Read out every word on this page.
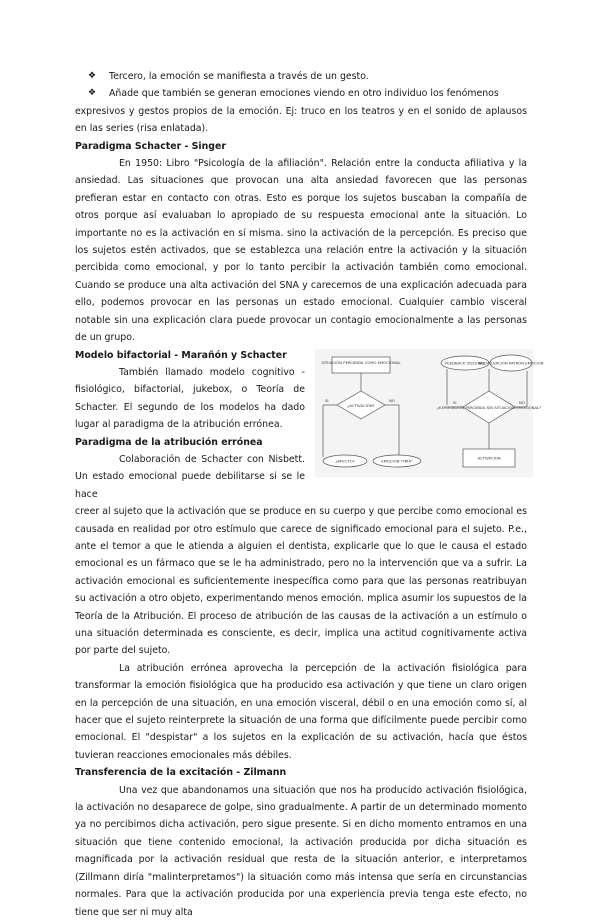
❖	Tercero, la emoción se manifiesta a través de un gesto.
❖	Añade que también se generan emociones viendo en otro individuo los fenómenos
expresivos y gestos propios de la emoción. Ej: truco en los teatros y en el sonido de aplausos en las series (risa enlatada).
Paradigma Schacter - Singer

En 1950: Libro "Psicología de la afiliación". Relación entre la conducta afiliativa y la ansiedad. Las situaciones que provocan una alta ansiedad favorecen que las personas prefieran estar en contacto con otras. Esto es porque los sujetos buscaban la compañía de otros porque así evaluaban lo apropiado de su respuesta emocional ante la situación. Lo importante no es la activación en sí misma. sino la activación de la percepción. Es preciso que los sujetos estén activados, que se establezca una relación entre la activación y la situación percibida como emocional, y por lo tanto percibir la activación también como emocional. Cuando se produce una alta activación del SNA y carecemos de una explicación adecuada para ello, podemos provocar en las personas un estado emocional. Cualquier cambio visceral notable sin una explicación clara puede provocar un contagio emocionalmente a las personas de un grupo.

Modelo bifactorial - Marañón y Schacter

También llamado modelo cognitivo - fisiológico, bifactorial, jukebox, o Teoría de Schacter. El segundo de los modelos ha dado lugar al paradigma de la atribución errónea.

Paradigma de la atribución errónea

Colaboración de Schacter con Nisbett. Un estado emocional puede debilitarse si se le hace

SITUACIÓN PERCIBIDA COMO EMOCIONAL
¿ACTIVACIÓN?
SI	NO
¿AFECTO?	EMOCIÓN "FRÍA"
FEEDBACK VISCERAL
REEVALUACIÓN PATRÓN EMOCIÓN
¿EXPLICACIÓN PERCIBIDA SIN SITUACIÓN EMOCIONAL?
SI	NO
ACTIVACIÓN

creer al sujeto que la activación que se produce en su cuerpo y que percibe como emocional es causada en realidad por otro estímulo que carece de significado emocional para el sujeto. P.e., ante el temor a que le atienda a alguien el dentista, explicarle que lo que le causa el estado emocional es un fármaco que se le ha administrado, pero no la intervención que va a sufrir. La activación emocional es suficientemente inespecífica como para que las personas reatribuyan su activación a otro objeto, experimentando menos emoción. mplica asumir los supuestos de la Teoría de la Atribución. El proceso de atribución de las causas de la activación a un estímulo o una situación determinada es consciente, es decir, implica una actitud cognitivamente activa por parte del sujeto.

La atribución errónea aprovecha la percepción de la activación fisiológica para transformar la emoción fisiológica que ha producido esa activación y que tiene un claro origen en la percepción de una situación, en una emoción visceral, débil o en una emoción como sí, al hacer que el sujeto reinterprete la situación de una forma que difícilmente puede percibir como emocional. El "despistar" a los sujetos en la explicación de su activación, hacía que éstos tuvieran reacciones emocionales más débiles.

Transferencia de la excitación - Zilmann

Una vez que abandonamos una situación que nos ha producido activación fisiológica, la activación no desaparece de golpe, sino gradualmente. A partir de un determinado momento ya no percibimos dicha activación, pero sigue presente. Si en dicho momento entramos en una situación que tiene contenido emocional, la activación producida por dicha situación es magnificada por la activación residual que resta de la situación anterior, e interpretamos (Zillmann diría "malinterpretamos") la situación como más intensa que sería en circunstancias normales. Para que la activación producida por una experiencia previa tenga este efecto, no tiene que ser ni muy alta
